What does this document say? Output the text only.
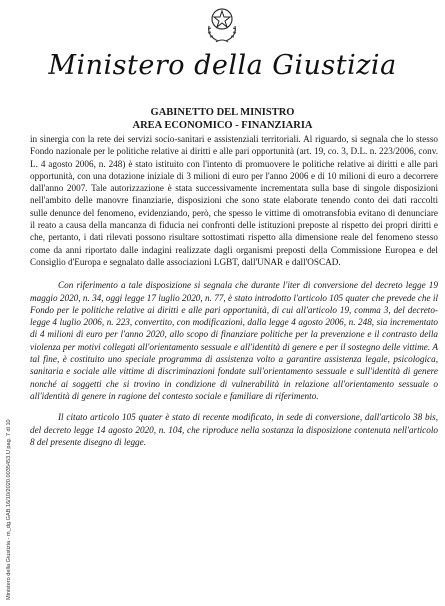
Ministero della Giustizia
GABINETTO DEL MINISTRO
AREA ECONOMICO - FINANZIARIA

in sinergia con la rete dei servizi socio-sanitari e assistenziali territoriali. Al riguardo, si segnala che lo stesso Fondo nazionale per le politiche relative ai diritti e alle pari opportunità (art. 19, co. 3, D.L. n. 223/2006, conv. L. 4 agosto 2006, n. 248) è stato istituito con l'intento di promuovere le politiche relative ai diritti e alle pari opportunità, con una dotazione iniziale di 3 milioni di euro per l'anno 2006 e di 10 milioni di euro a decorrere dall'anno 2007. Tale autorizzazione è stata successivamente incrementata sulla base di singole disposizioni nell'ambito delle manovre finanziarie, disposizioni che sono state elaborate tenendo conto dei dati raccolti sulle denunce del fenomeno, evidenziando, però, che spesso le vittime di omotransfobia evitano di denunciare il reato a causa della mancanza di fiducia nei confronti delle istituzioni preposte al rispetto dei propri diritti e che, pertanto, i dati rilevati possono risultare sottostimati rispetto alla dimensione reale del fenomeno stesso come da anni riportato dalle indagini realizzate dagli organismi preposti della Commissione Europea e del Consiglio d'Europa e segnalato dalle associazioni LGBT, dall'UNAR e dall'OSCAD.

Con riferimento a tale disposizione si segnala che durante l'iter di conversione del decreto legge 19 maggio 2020, n. 34, oggi legge 17 luglio 2020, n. 77, è stato introdotto l'articolo 105 quater che prevede che il Fondo per le politiche relative ai diritti e alle pari opportunità, di cui all'articolo 19, comma 3, del decreto-legge 4 luglio 2006, n. 223, convertito, con modificazioni, dalla legge 4 agosto 2006, n. 248, sia incrementato di 4 milioni di euro per l'anno 2020, allo scopo di finanziare politiche per la prevenzione e il contrasto della violenza per motivi collegati all'orientamento sessuale e all'identità di genere e per il sostegno delle vittime. A tal fine, è costituito uno speciale programma di assistenza volto a garantire assistenza legale, psicologica, sanitaria e sociale alle vittime di discriminazioni fondate sull'orientamento sessuale e sull'identità di genere nonché ai soggetti che si trovino in condizione di vulnerabilità in relazione all'orientamento sessuale o all'identità di genere in ragione del contesto sociale e familiare di riferimento.

Il citato articolo 105 quater è stato di recente modificato, in sede di conversione, dall'articolo 38 bis, del decreto legge 14 agosto 2020, n. 104, che riproduce nella sostanza la disposizione contenuta nell'articolo 8 del presente disegno di legge.

Ministero della Giustizia - m_dg.GAB.16/10/2020.0035453.U pag. 7 di 10
